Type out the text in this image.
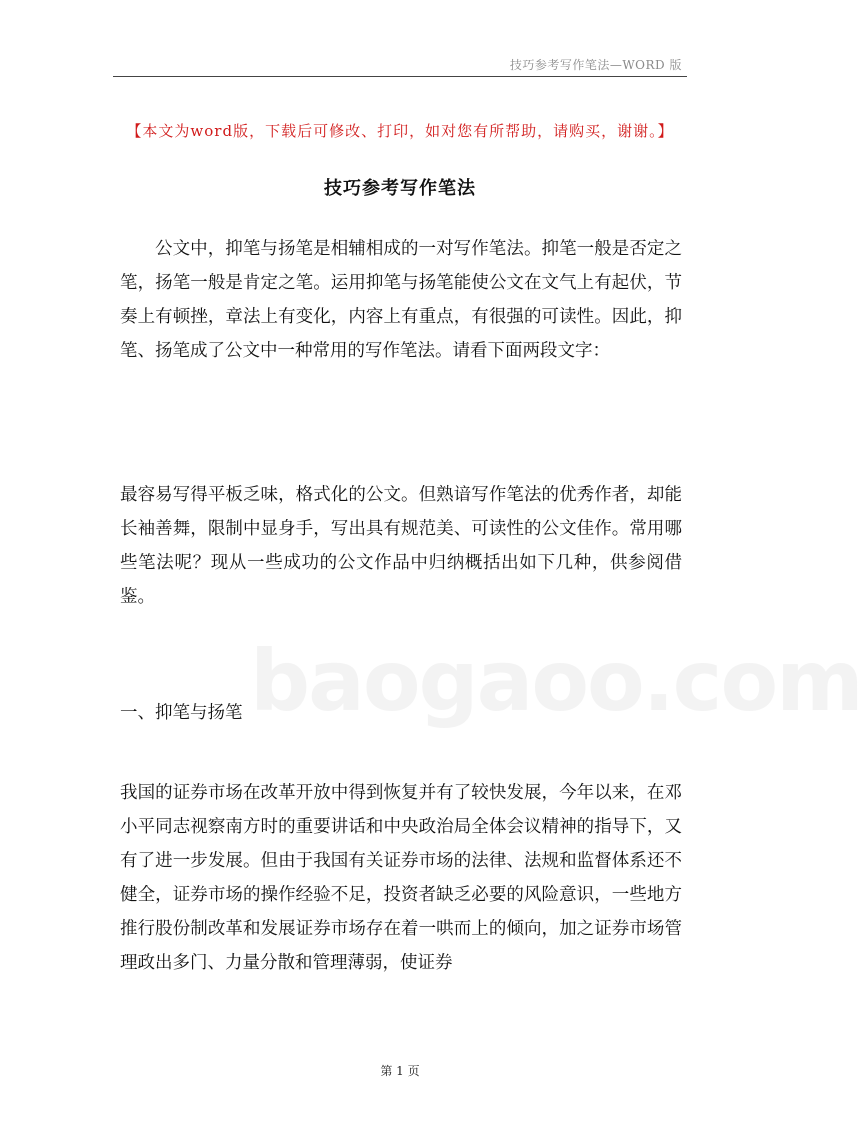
技巧参考写作笔法—WORD 版
【本文为word版，下载后可修改、打印，如对您有所帮助，请购买，谢谢。】
技巧参考写作笔法

公文中，抑笔与扬笔是相辅相成的一对写作笔法。抑笔一般是否定之笔，扬笔一般是肯定之笔。运用抑笔与扬笔能使公文在文气上有起伏，节奏上有顿挫，章法上有变化，内容上有重点，有很强的可读性。因此，抑笔、扬笔成了公文中一种常用的写作笔法。请看下面两段文字：

最容易写得平板乏味，格式化的公文。但熟谙写作笔法的优秀作者，却能长袖善舞，限制中显身手，写出具有规范美、可读性的公文佳作。常用哪些笔法呢？现从一些成功的公文作品中归纳概括出如下几种，供参阅借鉴。

一、抑笔与扬笔

我国的证券市场在改革开放中得到恢复并有了较快发展，今年以来，在邓小平同志视察南方时的重要讲话和中央政治局全体会议精神的指导下，又有了进一步发展。但由于我国有关证券市场的法律、法规和监督体系还不健全，证券市场的操作经验不足，投资者缺乏必要的风险意识，一些地方推行股份制改革和发展证券市场存在着一哄而上的倾向，加之证券市场管理政出多门、力量分散和管理薄弱，使证券

baogaoo.com
第 1 页
